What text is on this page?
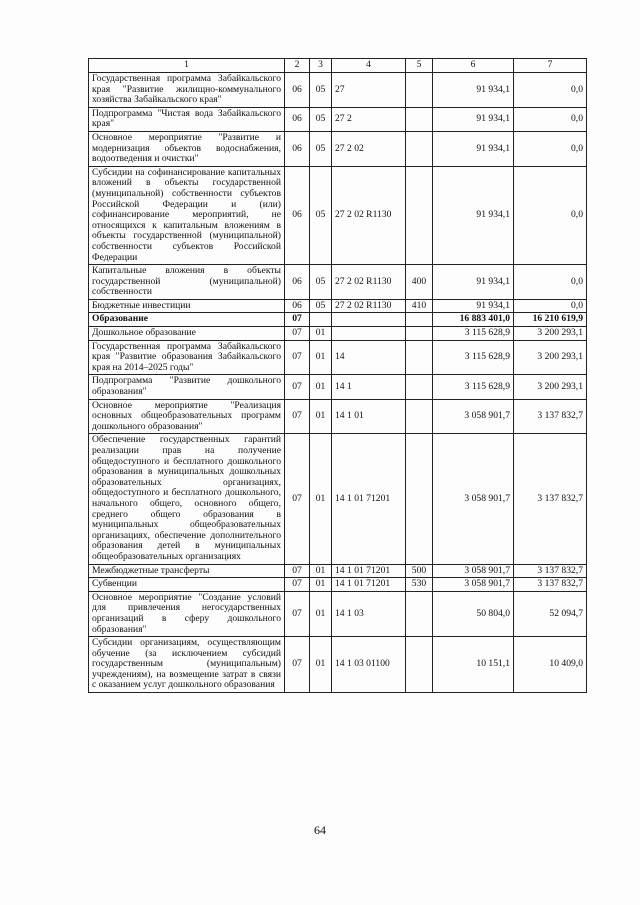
1	2	3	4	5	6	7
Государственная программа Забайкальского края "Развитие жилищно-коммунального хозяйства Забайкальского края"	06	05	27		91 934,1	0,0
Подпрограмма "Чистая вода Забайкальского края"	06	05	27 2		91 934,1	0,0
Основное мероприятие "Развитие и модернизация объектов водоснабжения, водоотведения и очистки"	06	05	27 2 02		91 934,1	0,0
Субсидии на софинансирование капитальных вложений в объекты государственной (муниципальной) собственности субъектов Российской Федерации и (или) софинансирование мероприятий, не относящихся к капитальным вложениям в объекты государственной (муниципальной) собственности субъектов Российской Федерации	06	05	27 2 02 R1130		91 934,1	0,0
Капитальные вложения в объекты государственной (муниципальной) собственности	06	05	27 2 02 R1130	400	91 934,1	0,0
Бюджетные инвестиции	06	05	27 2 02 R1130	410	91 934,1	0,0
Образование	07				16 883 401,0	16 210 619,9
Дошкольное образование	07	01			3 115 628,9	3 200 293,1
Государственная программа Забайкальского края "Развитие образования Забайкальского края на 2014–2025 годы"	07	01	14		3 115 628,9	3 200 293,1
Подпрограмма "Развитие дошкольного образования"	07	01	14 1		3 115 628,9	3 200 293,1
Основное мероприятие "Реализация основных общеобразовательных программ дошкольного образования"	07	01	14 1 01		3 058 901,7	3 137 832,7
Обеспечение государственных гарантий реализации прав на получение общедоступного и бесплатного дошкольного образования в муниципальных дошкольных образовательных организациях, общедоступного и бесплатного дошкольного, начального общего, основного общего, среднего общего образования в муниципальных общеобразовательных организациях, обеспечение дополнительного образования детей в муниципальных общеобразовательных организациях	07	01	14 1 01 71201		3 058 901,7	3 137 832,7
Межбюджетные трансферты	07	01	14 1 01 71201	500	3 058 901,7	3 137 832,7
Субвенции	07	01	14 1 01 71201	530	3 058 901,7	3 137 832,7
Основное мероприятие "Создание условий для привлечения негосударственных организаций в сферу дошкольного образования"	07	01	14 1 03		50 804,0	52 094,7
Субсидии организациям, осуществляющим обучение (за исключением субсидий государственным (муниципальным) учреждениям), на возмещение затрат в связи с оказанием услуг дошкольного образования	07	01	14 1 03 01100		10 151,1	10 409,0
64
